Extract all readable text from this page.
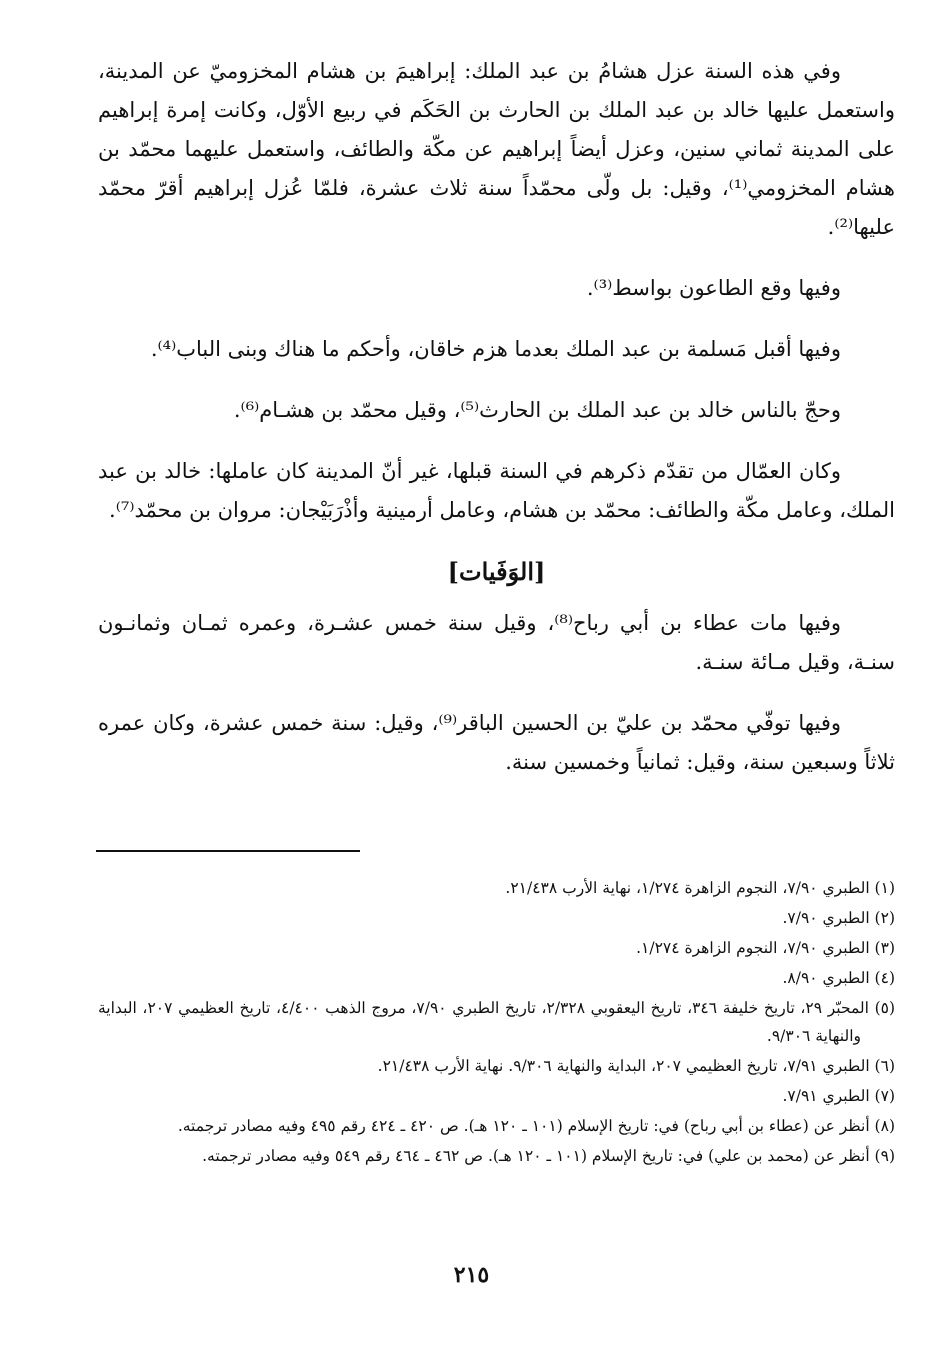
وفي هذه السنة عزل هشامُ بن عبد الملك: إبراهيمَ بن هشام المخزوميّ عن المدينة، واستعمل عليها خالد بن عبد الملك بن الحارث بن الحَكَم في ربيع الأوّل، وكانت إمرة إبراهيم على المدينة ثماني سنين، وعزل أيضاً إبراهيم عن مكّة والطائف، واستعمل عليهما محمّد بن هشام المخزومي⁽¹⁾، وقيل: بل ولّى محمّداً سنة ثلاث عشرة، فلمّا عُزل إبراهيم أقرّ محمّد عليها⁽²⁾.

وفيها وقع الطاعون بواسط⁽³⁾.

وفيها أقبل مَسلمة بن عبد الملك بعدما هزم خاقان، وأحكم ما هناك وبنى الباب⁽⁴⁾.

وحجّ بالناس خالد بن عبد الملك بن الحارث⁽⁵⁾، وقيل محمّد بن هشـام⁽⁶⁾.

وكان العمّال من تقدّم ذكرهم في السنة قبلها، غير أنّ المدينة كان عاملها: خالد بن عبد الملك، وعامل مكّة والطائف: محمّد بن هشام، وعامل أرمينية وأذْرَبَيْجان: مروان بن محمّد⁽⁷⁾.

[الوَفَيات]

وفيها مات عطاء بن أبي رباح⁽⁸⁾، وقيل سنة خمس عشـرة، وعمره ثمـان وثمانـون سنـة، وقيل مـائة سنـة.

وفيها توفّي محمّد بن عليّ بن الحسين الباقر⁽⁹⁾، وقيل: سنة خمس عشرة، وكان عمره ثلاثاً وسبعين سنة، وقيل: ثمانياً وخمسين سنة.

(١) الطبري ٧/٩٠، النجوم الزاهرة ١/٢٧٤، نهاية الأرب ٢١/٤٣٨.

(٢) الطبري ٧/٩٠.

(٣) الطبري ٧/٩٠، النجوم الزاهرة ١/٢٧٤.

(٤) الطبري ٨/٩٠.

(٥) المحبّر ٢٩، تاريخ خليفة ٣٤٦، تاريخ اليعقوبي ٢/٣٢٨، تاريخ الطبري ٧/٩٠، مروج الذهب ٤/٤٠٠، تاريخ العظيمي ٢٠٧، البداية والنهاية ٩/٣٠٦.

(٦) الطبري ٧/٩١، تاريخ العظيمي ٢٠٧، البداية والنهاية ٩/٣٠٦. نهاية الأرب ٢١/٤٣٨.

(٧) الطبري ٧/٩١.

(٨) أنظر عن (عطاء بن أبي رباح) في: تاريخ الإسلام (١٠١ ـ ١٢٠ هـ). ص ٤٢٠ ـ ٤٢٤ رقم ٤٩٥ وفيه مصادر ترجمته.

(٩) أنظر عن (محمد بن علي) في: تاريخ الإسلام (١٠١ ـ ١٢٠ هـ). ص ٤٦٢ ـ ٤٦٤ رقم ٥٤٩ وفيه مصادر ترجمته.

٢١٥
